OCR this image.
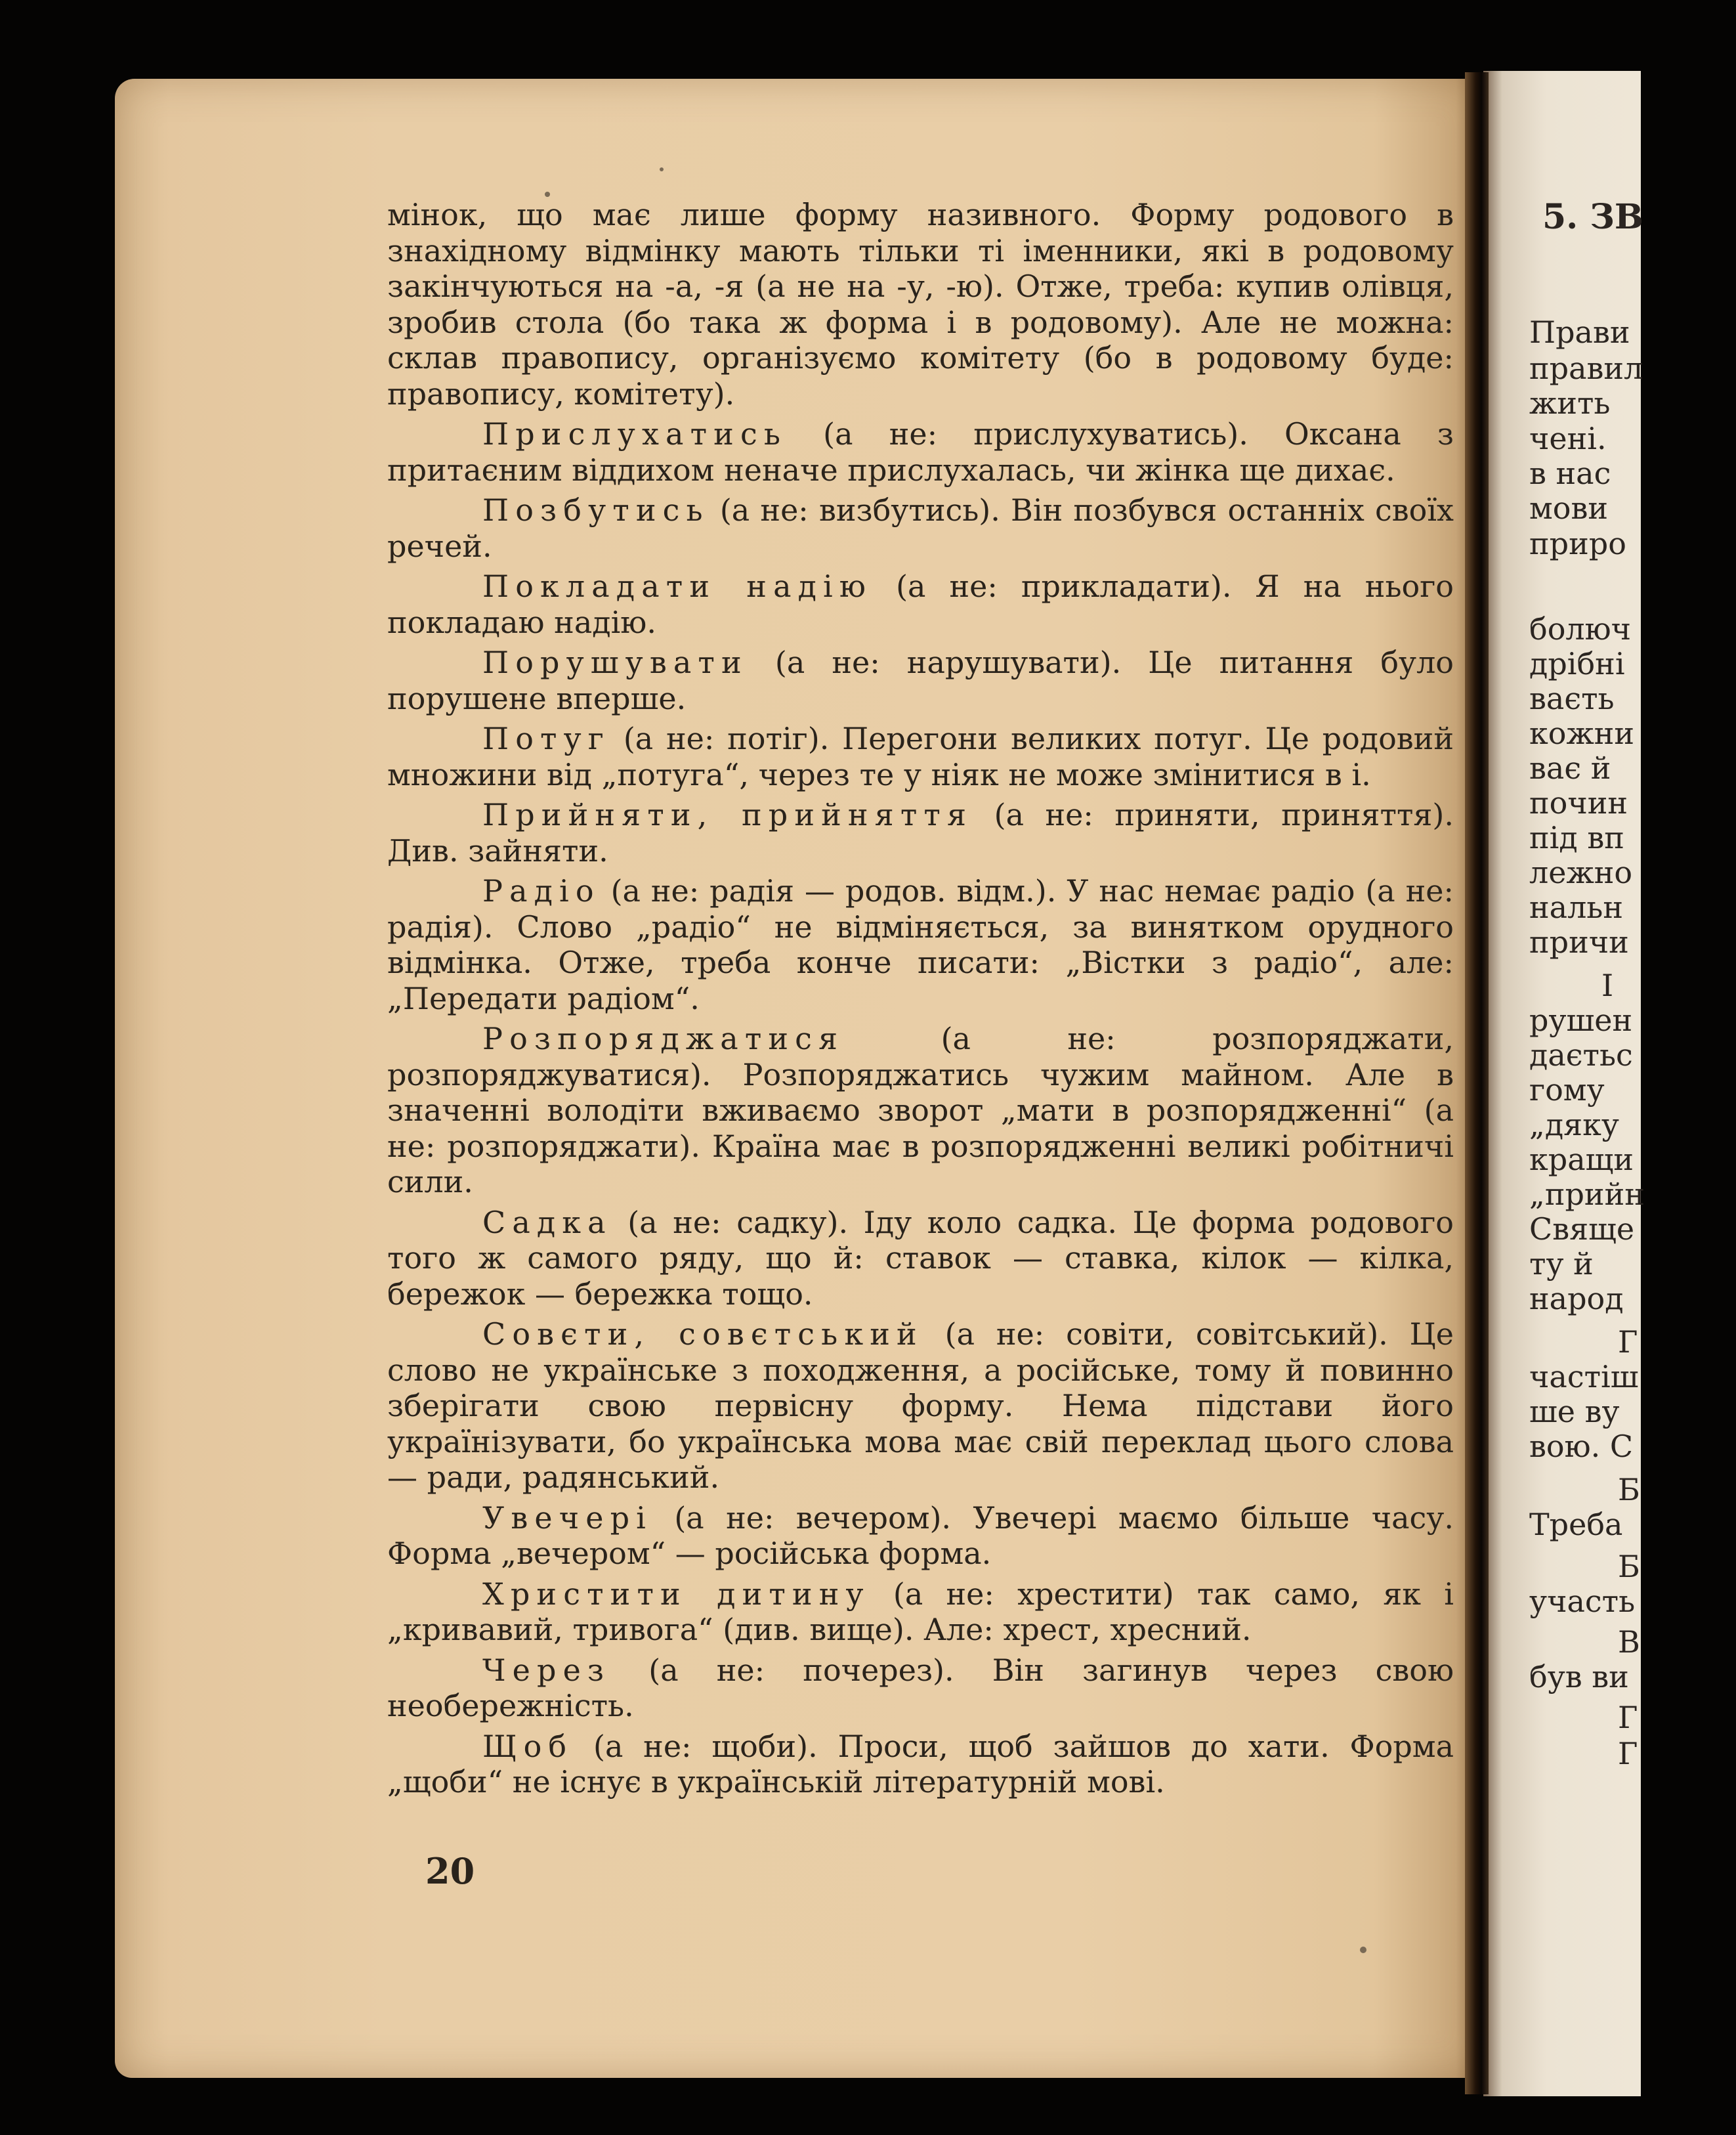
мінок, що має лише форму називного. Форму родового в знахідному відмінку мають тільки ті іменники, які в родовому закінчуються на -а, -я (а не на -у, -ю). Отже, треба: купив олівця, зробив стола (бо така ж форма і в родовому). Але не можна: склав правопису, організуємо комітету (бо в родовому буде: правопису, комітету).

Прислухатись (а не: прислухуватись). Оксана з притаєним віддихом неначе прислухалась, чи жінка ще дихає.

Позбутись (а не: визбутись). Він позбувся останніх своїх речей.

Покладати надію (а не: прикладати). Я на нього покладаю надію.

Порушувати (а не: нарушувати). Це питання було порушене вперше.

Потуг (а не: потіг). Перегони великих потуг. Це родовий множини від „потуга“, через те у ніяк не може змінитися в і.

Прийняти, прийняття (а не: приняти, приняття). Див. зайняти.

Радіо (а не: радія — родов. відм.). У нас немає радіо (а не: радія). Слово „радіо“ не відміняється, за винятком орудного відмінка. Отже, треба конче писати: „Вістки з радіо“, але: „Передати радіом“.

Розпоряджатися (а не: розпоряджати, розпоряджуватися). Розпоряджатись чужим майном. Але в значенні володіти вживаємо зворот „мати в розпорядженні“ (а не: розпоряджати). Країна має в розпорядженні великі робітничі сили.

Садка (а не: садку). Іду коло садка. Це форма родового того ж самого ряду, що й: ставок — ставка, кілок — кілка, бережок — бережка тощо.

Совєти, совєтський (а не: совіти, совітський). Це слово не українське з походження, а російське, тому й повинно зберігати свою первісну форму. Нема підстави його українізувати, бо українська мова має свій переклад цього слова — ради, радянський.

Увечері (а не: вечером). Увечері маємо більше часу. Форма „вечером“ — російська форма.

Христити дитину (а не: хрестити) так само, як і „кривавий, тривога“ (див. вище). Але: хрест, хресний.

Через (а не: почерез). Він загинув через свою необережність.

Щоб (а не: щоби). Проси, щоб зайшов до хати. Форма „щоби“ не існує в українській літературній мові.

20
5. ЗВ
Прави
правил
жить
чені.
в нас
мови
приро
болюч
дрібні
ваєть
кожни
ває й
почин
під вп
лежно
нальн
причи
І
рушен
даєтьс
гому
„дяку
кращи
„прийн
Свяще
ту й
народ
Г
частіш
ше ву
вою. С
Б
Треба
Б
участь
В
був ви
Г
Г
